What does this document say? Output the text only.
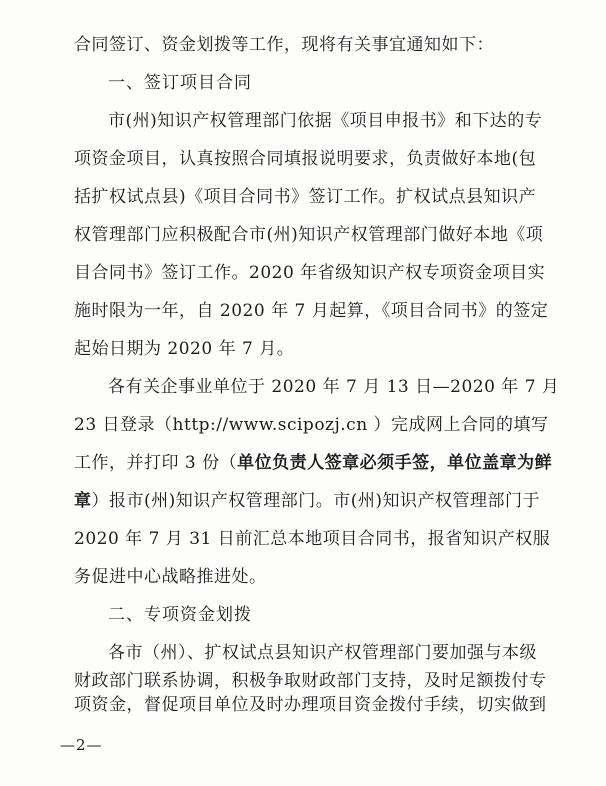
合同签订、资金划拨等工作，现将有关事宜通知如下：
一、签订项目合同
市(州)知识产权管理部门依据《项目申报书》和下达的专
项资金项目，认真按照合同填报说明要求，负责做好本地(包
括扩权试点县)《项目合同书》签订工作。扩权试点县知识产
权管理部门应积极配合市(州)知识产权管理部门做好本地《项
目合同书》签订工作。2020 年省级知识产权专项资金项目实
施时限为一年，自 2020 年 7 月起算，《项目合同书》的签定
起始日期为 2020 年 7 月。
各有关企事业单位于 2020 年 7 月 13 日—2020 年 7 月
23 日登录（http://www.scipozj.cn ）完成网上合同的填写
工作，并打印 3 份（单位负责人签章必须手签，单位盖章为鲜
章）报市(州)知识产权管理部门。市(州)知识产权管理部门于
2020 年 7 月 31 日前汇总本地项目合同书，报省知识产权服
务促进中心战略推进处。
二、专项资金划拨
各市（州）、扩权试点县知识产权管理部门要加强与本级
财政部门联系协调，积极争取财政部门支持，及时足额拨付专
项资金，督促项目单位及时办理项目资金拨付手续，切实做到
—2—
